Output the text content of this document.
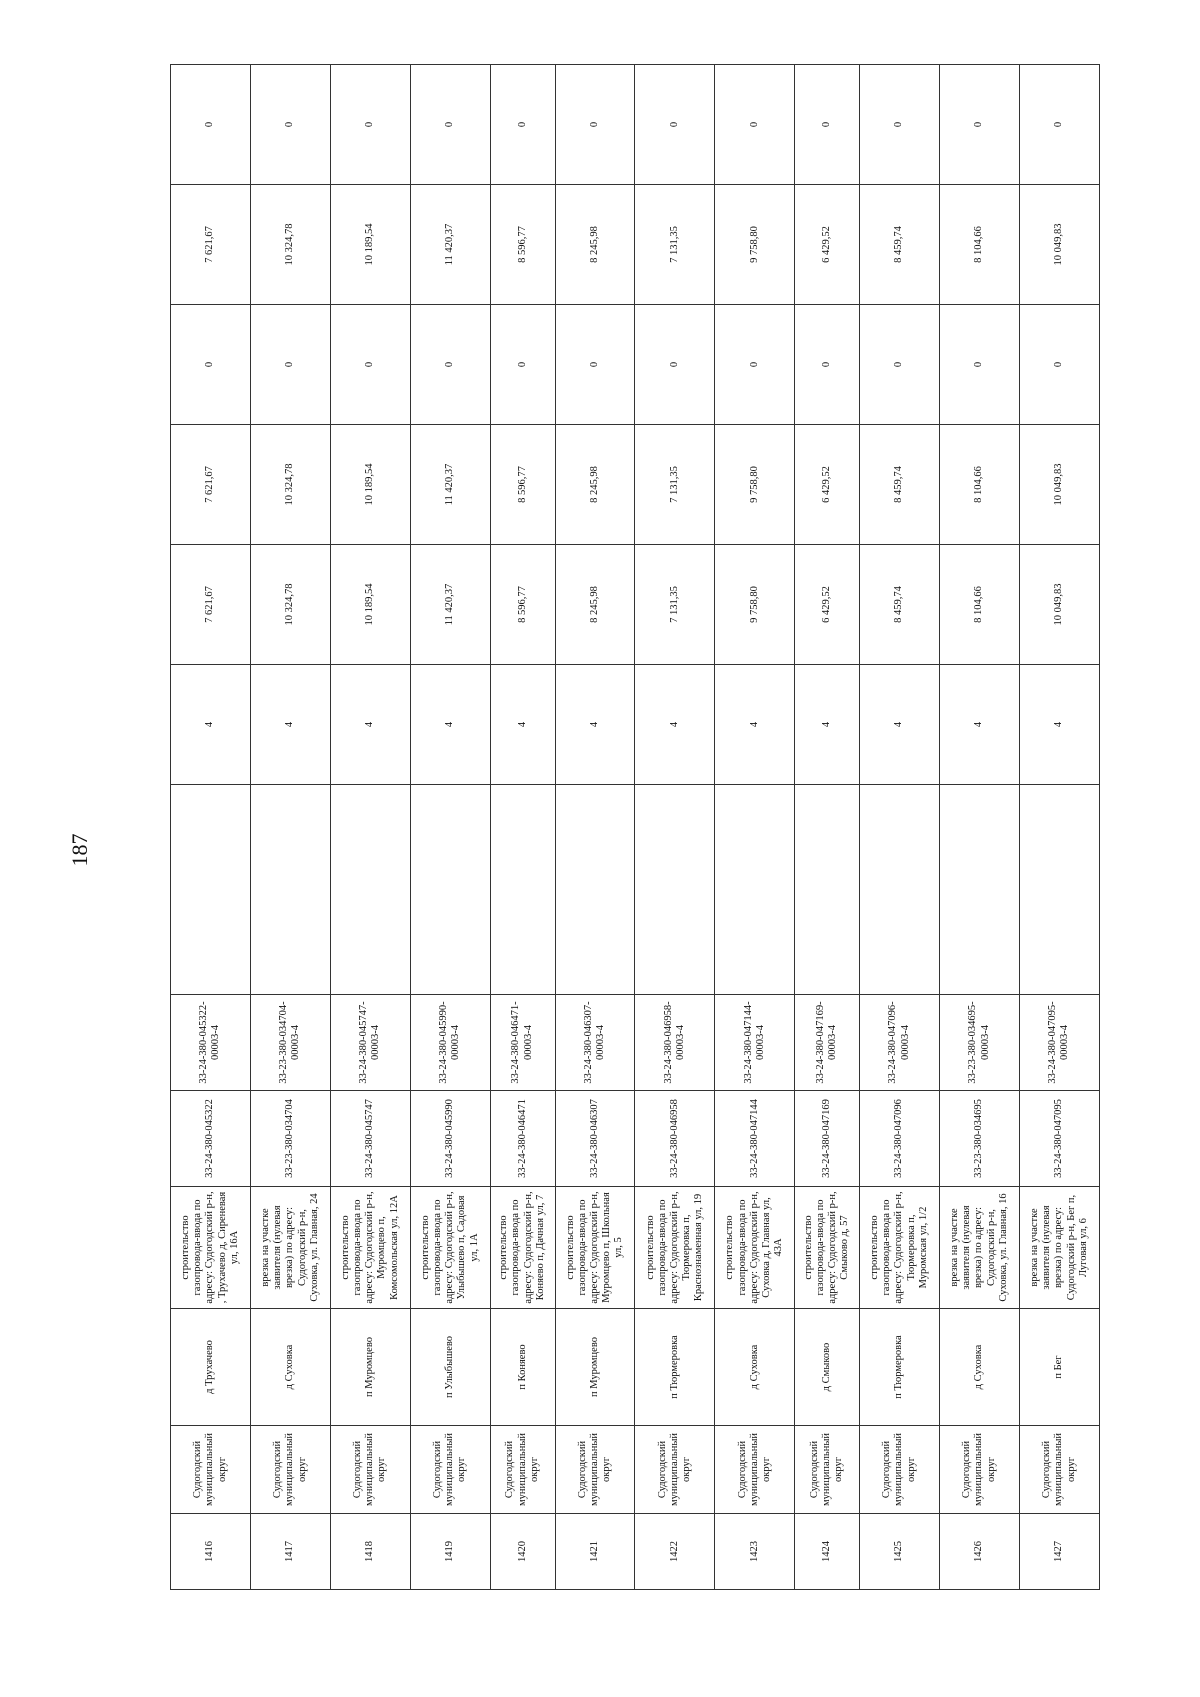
187
1416	Судогодский муниципальный округ	д Трухачево	строительство газопровода-ввода по адресу: Судогодский р-н, , Трухачево д, Сиреневая ул, 16А	33-24-380-045322	33-24-380-045322-00003-4		4	7 621,67	7 621,67	0	7 621,67	0	
1417	Судогодский муниципальный округ	д Суховка	врезка на участке заявителя (нулевая врезка) по адресу: Судогодский р-н, Суховка, ул. Главная, 24	33-23-380-034704	33-23-380-034704-00003-4		4	10 324,78	10 324,78	0	10 324,78	0	
1418	Судогодский муниципальный округ	п Муромцево	строительство газопровода-ввода по адресу: Судогодский р-н, Муромцево п, Комсомольская ул, 12А	33-24-380-045747	33-24-380-045747-00003-4		4	10 189,54	10 189,54	0	10 189,54	0	
1419	Судогодский муниципальный округ	п Улыбышево	строительство газопровода-ввода по адресу: Судогодский р-н, Улыбышево п, Садовая ул, 1А	33-24-380-045990	33-24-380-045990-00003-4		4	11 420,37	11 420,37	0	11 420,37	0	
1420	Судогодский муниципальный округ	п Коняево	строительство газопровода-ввода по адресу: Судогодский р-н, Коняево п, Дачная ул, 7	33-24-380-046471	33-24-380-046471-00003-4		4	8 596,77	8 596,77	0	8 596,77	0	
1421	Судогодский муниципальный округ	п Муромцево	строительство газопровода-ввода по адресу: Судогодский р-н, Муромцево п, Школьная ул, 5	33-24-380-046307	33-24-380-046307-00003-4		4	8 245,98	8 245,98	0	8 245,98	0	
1422	Судогодский муниципальный округ	п Тюрмеровка	строительство газопровода-ввода по адресу: Судогодский р-н, Тюрмеровка п, Краснознаменная ул, 19	33-24-380-046958	33-24-380-046958-00003-4		4	7 131,35	7 131,35	0	7 131,35	0	
1423	Судогодский муниципальный округ	д Суховка	строительство газопровода-ввода по адресу: Судогодский р-н, Суховка д, Главная ул, 43А	33-24-380-047144	33-24-380-047144-00003-4		4	9 758,80	9 758,80	0	9 758,80	0	
1424	Судогодский муниципальный округ	д Смыково	строительство газопровода-ввода по адресу: Судогодский р-н, Смыково д, 57	33-24-380-047169	33-24-380-047169-00003-4		4	6 429,52	6 429,52	0	6 429,52	0	
1425	Судогодский муниципальный округ	п Тюрмеровка	строительство газопровода-ввода по адресу: Судогодский р-н, Тюрмеровка п, Муромская ул, 1/2	33-24-380-047096	33-24-380-047096-00003-4		4	8 459,74	8 459,74	0	8 459,74	0	
1426	Судогодский муниципальный округ	д Суховка	врезка на участке заявителя (нулевая врезка) по адресу: Судогодский р-н, Суховка, ул. Главная, 16	33-23-380-034695	33-23-380-034695-00003-4		4	8 104,66	8 104,66	0	8 104,66	0	
1427	Судогодский муниципальный округ	п Бег	врезка на участке заявителя (нулевая врезка) по адресу: Судогодский р-н, Бег п, Луговая ул, 6	33-24-380-047095	33-24-380-047095-00003-4		4	10 049,83	10 049,83	0	10 049,83	0	
